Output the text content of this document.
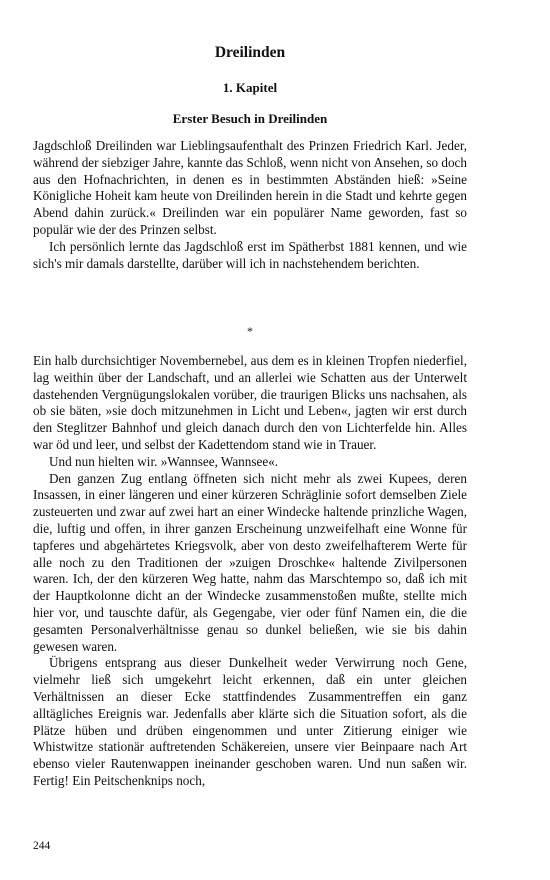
Dreilinden
1. Kapitel
Erster Besuch in Dreilinden

Jagdschloß Dreilinden war Lieblingsaufenthalt des Prinzen Friedrich Karl. Jeder, während der siebziger Jahre, kannte das Schloß, wenn nicht von Ansehen, so doch aus den Hofnachrichten, in denen es in bestimmten Abständen hieß: »Seine Königliche Hoheit kam heute von Dreilinden herein in die Stadt und kehrte gegen Abend dahin zurück.« Dreilinden war ein populärer Name geworden, fast so populär wie der des Prinzen selbst.

Ich persönlich lernte das Jagdschloß erst im Spätherbst 1881 kennen, und wie sich's mir damals darstellte, darüber will ich in nachstehendem berichten.

*

Ein halb durchsichtiger Novembernebel, aus dem es in kleinen Tropfen niederfiel, lag weithin über der Landschaft, und an allerlei wie Schatten aus der Unterwelt dastehenden Vergnügungslokalen vorüber, die traurigen Blicks uns nachsahen, als ob sie bäten, »sie doch mitzunehmen in Licht und Leben«, jagten wir erst durch den Steglitzer Bahnhof und gleich danach durch den von Lichterfelde hin. Alles war öd und leer, und selbst der Kadettendom stand wie in Trauer.

Und nun hielten wir. »Wannsee, Wannsee«.

Den ganzen Zug entlang öffneten sich nicht mehr als zwei Kupees, deren Insassen, in einer längeren und einer kürzeren Schräglinie sofort demselben Ziele zusteuerten und zwar auf zwei hart an einer Windecke haltende prinzliche Wagen, die, luftig und offen, in ihrer ganzen Erscheinung unzweifelhaft eine Wonne für tapferes und abgehärtetes Kriegsvolk, aber von desto zweifelhafterem Werte für alle noch zu den Traditionen der »zuigen Droschke« haltende Zivilpersonen waren. Ich, der den kürzeren Weg hatte, nahm das Marschtempo so, daß ich mit der Hauptkolonne dicht an der Windecke zusammenstoßen mußte, stellte mich hier vor, und tauschte dafür, als Gegengabe, vier oder fünf Namen ein, die die gesamten Personalverhältnisse genau so dunkel beließen, wie sie bis dahin gewesen waren.

Übrigens entsprang aus dieser Dunkelheit weder Verwirrung noch Gene, vielmehr ließ sich umgekehrt leicht erkennen, daß ein unter gleichen Verhältnissen an dieser Ecke stattfindendes Zusammentreffen ein ganz alltägliches Ereignis war. Jedenfalls aber klärte sich die Situation sofort, als die Plätze hüben und drüben eingenommen und unter Zitierung einiger wie Whistwitze stationär auftretenden Schäkereien, unsere vier Beinpaare nach Art ebenso vieler Rautenwappen ineinander geschoben waren. Und nun saßen wir. Fertig! Ein Peitschenknips noch,

244
